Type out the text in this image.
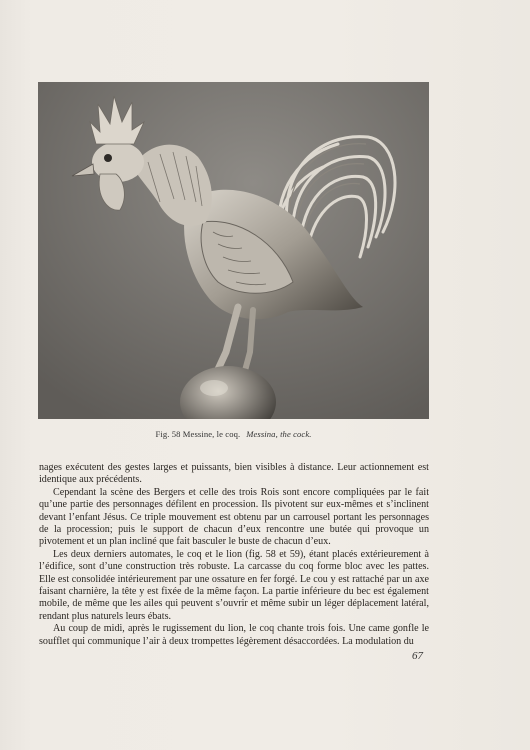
Fig. 58 Messine, le coq. Messina, the cock.

nages exécutent des gestes larges et puissants, bien visibles à distance. Leur actionnement est identique aux précédents.

Cependant la scène des Bergers et celle des trois Rois sont encore compliquées par le fait qu’une partie des personnages défilent en procession. Ils pivotent sur eux-mêmes et s’inclinent devant l’enfant Jésus. Ce triple mouvement est obtenu par un carrousel portant les personnages de la procession; puis le support de chacun d’eux rencontre une butée qui provoque un pivotement et un plan incliné que fait basculer le buste de chacun d’eux.

Les deux derniers automates, le coq et le lion (fig. 58 et 59), étant placés extérieurement à l’édifice, sont d’une construction très robuste. La carcasse du coq forme bloc avec les pattes. Elle est consolidée intérieurement par une ossature en fer forgé. Le cou y est rattaché par un axe faisant charnière, la tête y est fixée de la même façon. La partie inférieure du bec est également mobile, de même que les ailes qui peuvent s’ouvrir et même subir un léger déplacement latéral, rendant plus naturels leurs ébats.

Au coup de midi, après le rugissement du lion, le coq chante trois fois. Une came gonfle le soufflet qui communique l’air à deux trompettes légèrement désaccordées. La modulation du

67
